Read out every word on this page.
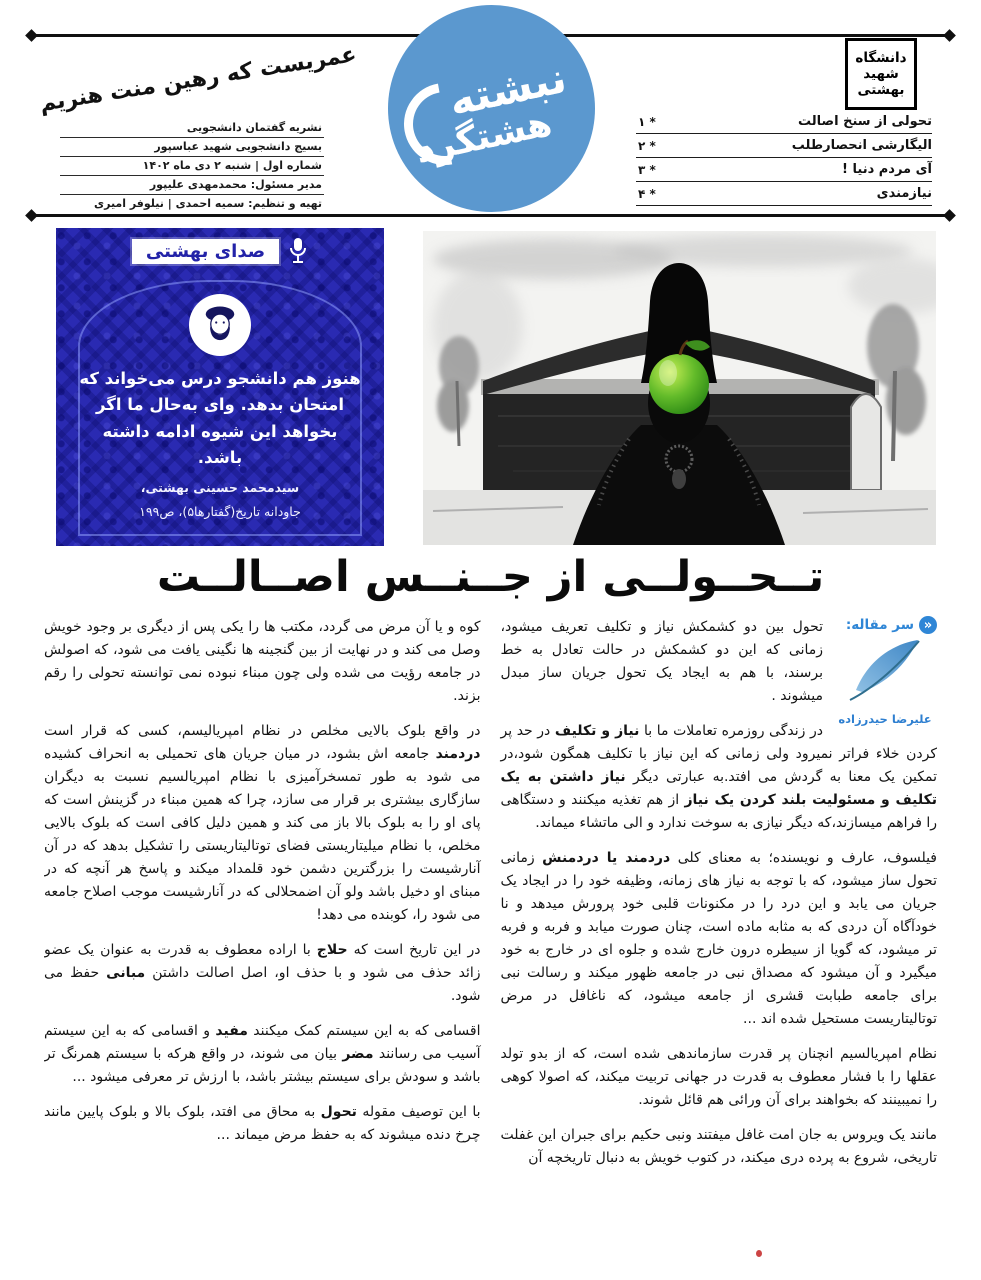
عمریست که رهین منت هنریم
نشریه گفتمان دانشجویی
بسیج دانشجویی شهید عباسپور
شماره اول | شنبه ۲ دی ماه ۱۴۰۲
مدیر مسئول: محمدمهدی علیپور
تهیه و تنظیم: سمیه احمدی | نیلوفر امیری
نبشته
هشتگرد
دانشگاه
شهید
بهشتی
تحولی از سنخ اصالت
* ۱
الیگارشی انحصارطلب
* ۲
آی مردم دنیا !
* ۳
نیازمندی
* ۴
صدای بهشتی
هنوز هم دانشجو درس می‌خواند که امتحان بدهد. وای به‌حال ما اگر بخواهد این شیوه ادامه داشته باشد.
سیدمحمد حسینی بهشتی،
جاودانه تاریخ(گفتارها۵)، ص۱۹۹
تــحــولــی از جــنــس اصــالــت
«
سر مقاله:
علیرضا حیدرزاده

تحول بین دو کشمکش نیاز و تکلیف تعریف میشود، زمانی که این دو کشمکش در حالت تعادل به خط برسند، با هم به ایجاد یک تحول جریان ساز مبدل میشوند .

در زندگی روزمره تعاملات ما با نیاز و تکلیف در حد پر کردن خلاء فراتر نمیرود ولی زمانی که این نیاز با تکلیف همگون شود،در تمکین یک معنا به گردش می افتد.به عبارتی دیگر نیاز داشتن به یک تکلیف و مسئولیت بلند کردن یک نیاز از هم تغذیه میکنند و دستگاهی را فراهم میسازند،که دیگر نیازی به سوخت ندارد و الی ماتشاء میماند.

فیلسوف، عارف و نویسنده؛ به معنای کلی دردمند یا دردمنش زمانی تحول ساز میشود، که با توجه به نیاز های زمانه، وظیفه خود را در ایجاد یک جریان می یابد و این درد را در مکنونات قلبی خود پرورش میدهد و نا خودآگاه آن دردی که به مثابه ماده است، چنان صورت میابد و فربه و فربه تر میشود، که گویا از سیطره درون خارج شده و جلوه ای در خارج به خود میگیرد و آن میشود که مصداق نبی در جامعه ظهور میکند و رسالت نبی برای جامعه طبابت قشری از جامعه میشود، که ناغافل در مرض توتالیتاریست مستحیل شده اند ...

نظام امپریالسیم انچنان پر قدرت سازماندهی شده است، که از بدو تولد عقلها را با فشار معطوف به قدرت در جهانی تربیت میکند، که اصولا کوهی را نمیبینند که بخواهند برای آن ورائی هم قائل شوند.

مانند یک ویروس به جان امت غافل میفتند ونبی حکیم برای جبران این غفلت تاریخی، شروع به پرده دری میکند، در کتوب خویش به دنبال تاریخچه آن

کوه و یا آن مرض می گردد، مکتب ها را یکی پس از دیگری بر وجود خویش وصل می کند و در نهایت از بین گنجینه ها نگینی یافت می شود، که اصولش در جامعه رؤیت می شده ولی چون مبناء نبوده نمی توانسته تحولی را رقم بزند.

در واقع بلوک بالایی مخلص در نظام امپریالیسم، کسی که قرار است دردمند جامعه اش بشود، در میان جریان های تحمیلی به انحراف کشیده می شود به طور تمسخرآمیزی با نظام امپریالسیم نسبت به دیگران سازگاری بیشتری بر قرار می سازد، چرا که همین مبناء در گزینش است که پای او را به بلوک بالا باز می کند و همین دلیل کافی است که بلوک بالایی مخلص، با نظام میلیتاریستی فضای توتالیتاریستی را تشکیل بدهد که در آن آنارشیست را بزرگترین دشمن خود قلمداد میکند و پاسخ هر آنچه که در مبنای او دخیل باشد ولو آن اضمحلالی که در آنارشیست موجب اصلاح جامعه می شود را، کوبنده می دهد!

در این تاریخ است که حلاج با اراده معطوف به قدرت به عنوان یک عضو زائد حذف می شود و با حذف او، اصل اصالت داشتن مبانی حفظ می شود.

اقسامی که به این سیستم کمک میکنند مفید و اقسامی که به این سیستم آسیب می رسانند مضر بیان می شوند، در واقع هرکه با سیستم همرنگ تر باشد و سودش برای سیستم بیشتر باشد، با ارزش تر معرفی میشود ...

با این توصیف مقوله تحول به محاق می افتد، بلوک بالا و بلوک پایین مانند چرخ دنده میشوند که به حفظ مرض میماند ...
